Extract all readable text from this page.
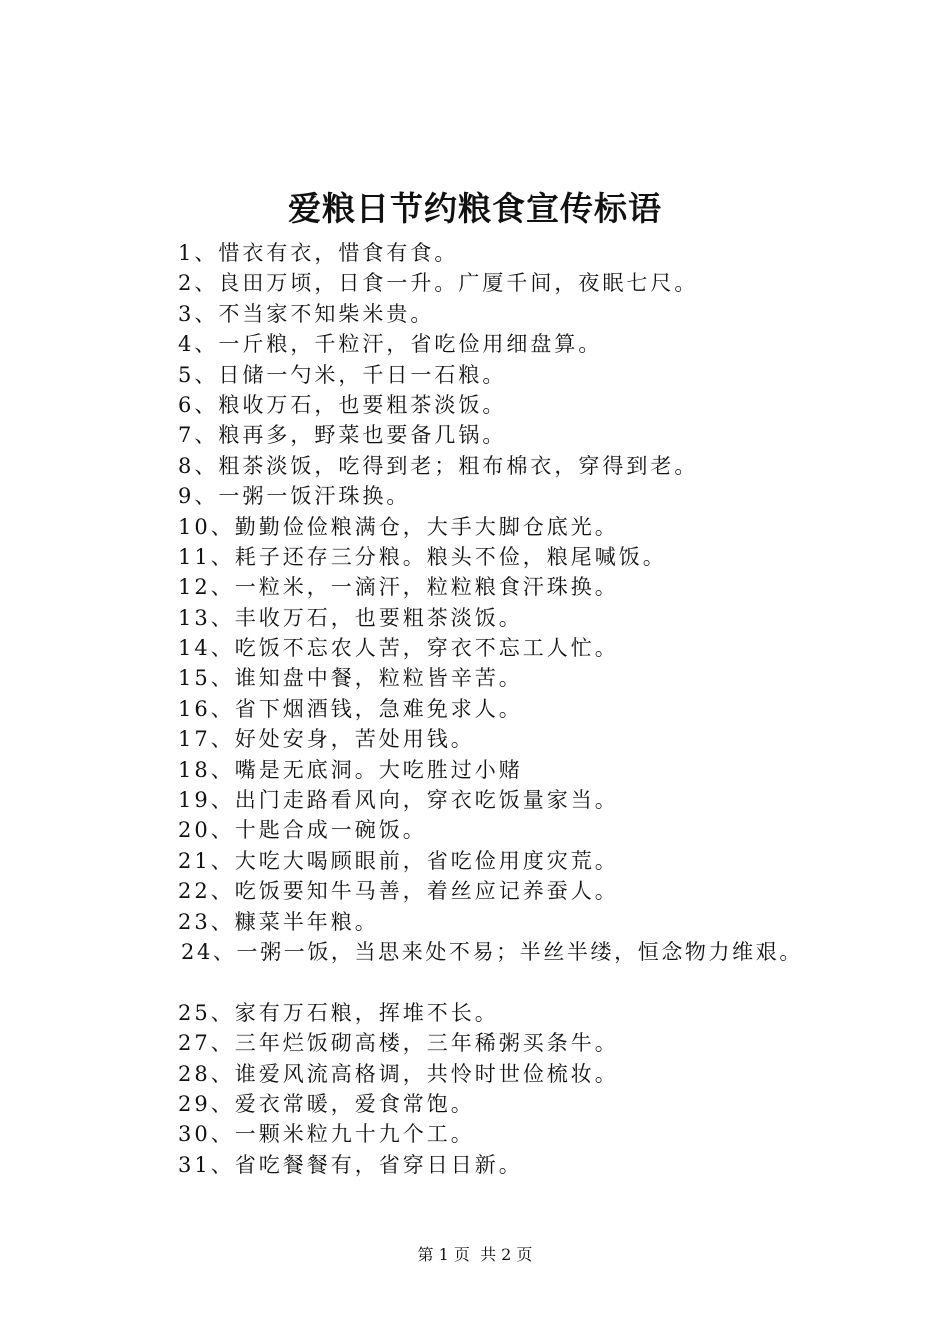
爱粮日节约粮食宣传标语
1、惜衣有衣，惜食有食。
2、良田万顷，日食一升。广厦千间，夜眠七尺。
3、不当家不知柴米贵。
4、一斤粮，千粒汗，省吃俭用细盘算。
5、日储一勺米，千日一石粮。
6、粮收万石，也要粗茶淡饭。
7、粮再多，野菜也要备几锅。
8、粗茶淡饭，吃得到老；粗布棉衣，穿得到老。
9、一粥一饭汗珠换。
10、勤勤俭俭粮满仓，大手大脚仓底光。
11、耗子还存三分粮。粮头不俭，粮尾喊饭。
12、一粒米，一滴汗，粒粒粮食汗珠换。
13、丰收万石，也要粗茶淡饭。
14、吃饭不忘农人苦，穿衣不忘工人忙。
15、谁知盘中餐，粒粒皆辛苦。
16、省下烟酒钱，急难免求人。
17、好处安身，苦处用钱。
18、嘴是无底洞。大吃胜过小赌
19、出门走路看风向，穿衣吃饭量家当。
20、十匙合成一碗饭。
21、大吃大喝顾眼前，省吃俭用度灾荒。
22、吃饭要知牛马善，着丝应记养蚕人。
23、糠菜半年粮。
24、一粥一饭，当思来处不易；半丝半缕，恒念物力维艰。
25、家有万石粮，挥堆不长。
27、三年烂饭砌高楼，三年稀粥买条牛。
28、谁爱风流高格调，共怜时世俭梳妆。
29、爱衣常暖，爱食常饱。
30、一颗米粒九十九个工。
31、省吃餐餐有，省穿日日新。
第 1 页  共 2 页
